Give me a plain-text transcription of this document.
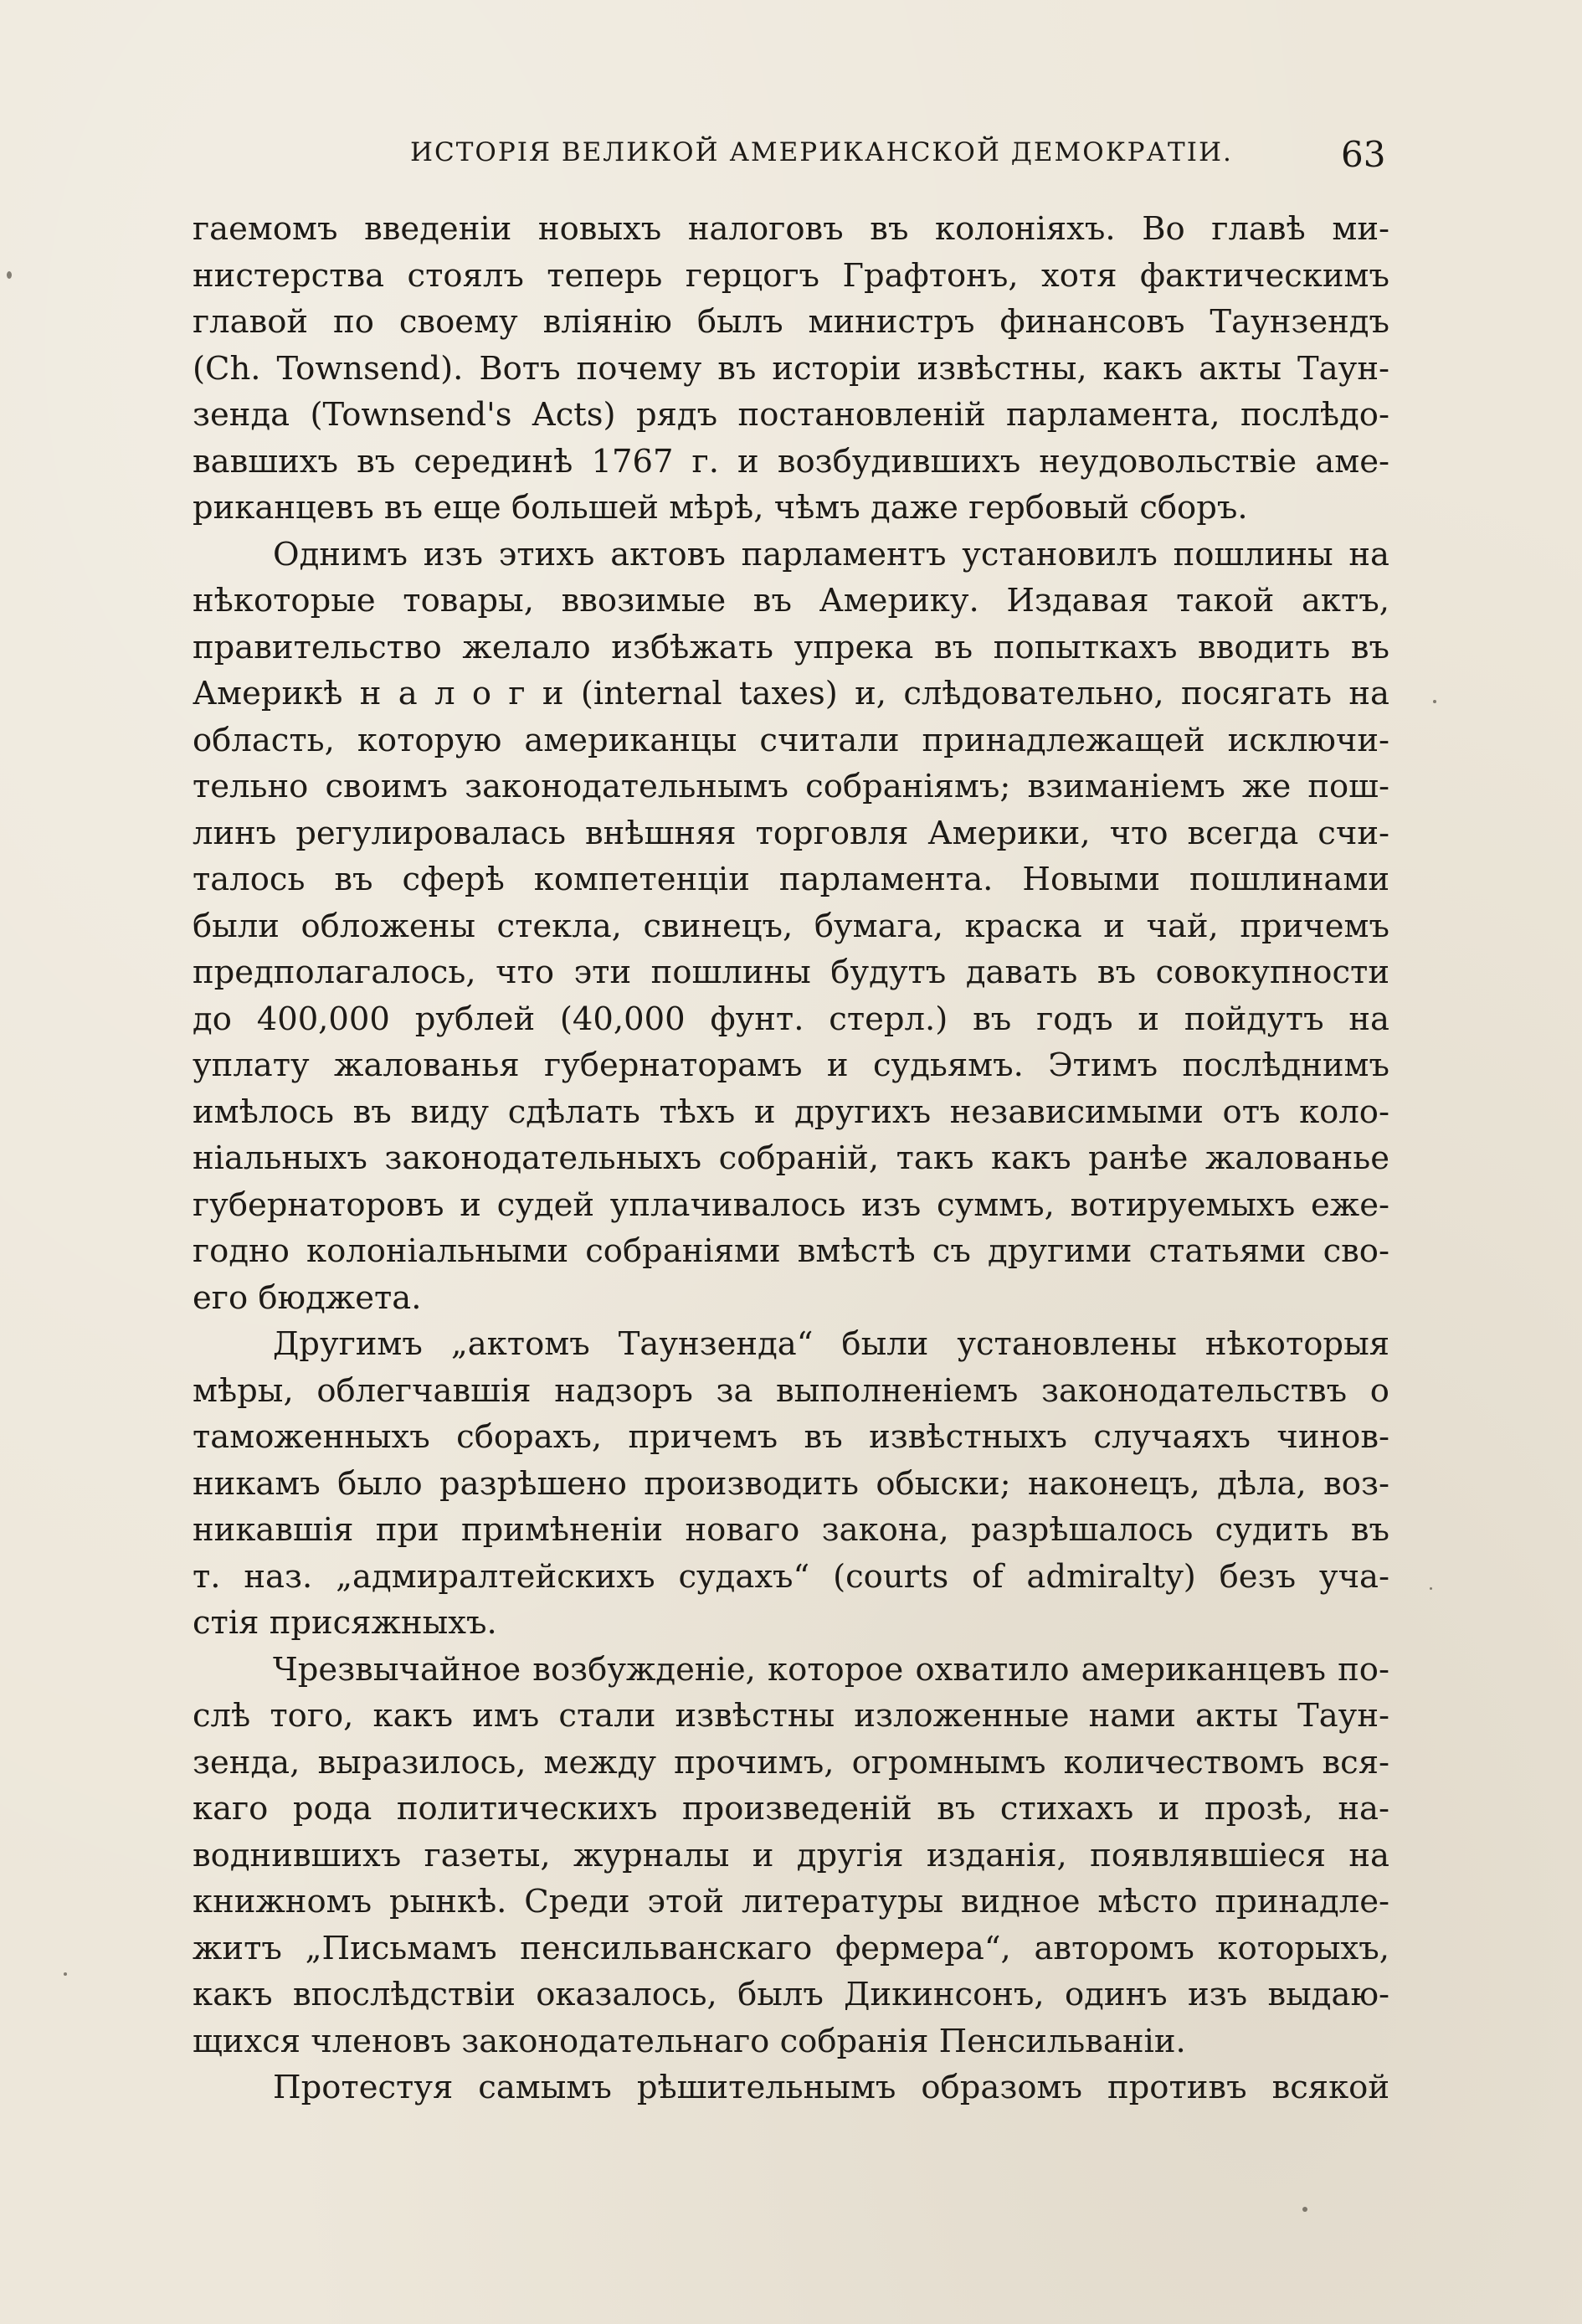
ИСТОРІЯ ВЕЛИКОЙ АМЕРИКАНСКОЙ ДЕМОКРАТІИ.	63
гаемомъ введеніи новыхъ налоговъ въ колоніяхъ. Во главѣ ми-
нистерства стоялъ теперь герцогъ Графтонъ, хотя фактическимъ
главой по своему вліянію былъ министръ финансовъ Таунзендъ
(Ch. Townsend). Вотъ почему въ исторіи извѣстны, какъ акты Таун-
зенда (Townsend's Acts) рядъ постановленій парламента, послѣдо-
вавшихъ въ серединѣ 1767 г. и возбудившихъ неудовольствіе аме-
риканцевъ въ еще большей мѣрѣ, чѣмъ даже гербовый сборъ.
Однимъ изъ этихъ актовъ парламентъ установилъ пошлины на
нѣкоторые товары, ввозимые въ Америку. Издавая такой актъ,
правительство желало избѣжать упрека въ попыткахъ вводить въ
Америкѣ н а л о г и (internal taxes) и, слѣдовательно, посягать на
область, которую американцы считали принадлежащей исключи-
тельно своимъ законодательнымъ собраніямъ; взиманіемъ же пош-
линъ регулировалась внѣшняя торговля Америки, что всегда счи-
талось въ сферѣ компетенціи парламента. Новыми пошлинами
были обложены стекла, свинецъ, бумага, краска и чай, причемъ
предполагалось, что эти пошлины будутъ давать въ совокупности
до 400,000 рублей (40,000 фунт. стерл.) въ годъ и пойдутъ на
уплату жалованья губернаторамъ и судьямъ. Этимъ послѣднимъ
имѣлось въ виду сдѣлать тѣхъ и другихъ независимыми отъ коло-
ніальныхъ законодательныхъ собраній, такъ какъ ранѣе жалованье
губернаторовъ и судей уплачивалось изъ суммъ, вотируемыхъ еже-
годно колоніальными собраніями вмѣстѣ съ другими статьями сво-
его бюджета.
Другимъ „актомъ Таунзенда“ были установлены нѣкоторыя
мѣры, облегчавшія надзоръ за выполненіемъ законодательствъ о
таможенныхъ сборахъ, причемъ въ извѣстныхъ случаяхъ чинов-
никамъ было разрѣшено производить обыски; наконецъ, дѣла, воз-
никавшія при примѣненіи новаго закона, разрѣшалось судить въ
т. наз. „адмиралтейскихъ судахъ“ (courts of admiralty) безъ уча-
стія присяжныхъ.
Чрезвычайное возбужденіе, которое охватило американцевъ по-
слѣ того, какъ имъ стали извѣстны изложенные нами акты Таун-
зенда, выразилось, между прочимъ, огромнымъ количествомъ вся-
каго рода политическихъ произведеній въ стихахъ и прозѣ, на-
воднившихъ газеты, журналы и другія изданія, появлявшіеся на
книжномъ рынкѣ. Среди этой литературы видное мѣсто принадле-
житъ „Письмамъ пенсильванскаго фермера“, авторомъ которыхъ,
какъ впослѣдствіи оказалось, былъ Дикинсонъ, одинъ изъ выдаю-
щихся членовъ законодательнаго собранія Пенсильваніи.
Протестуя самымъ рѣшительнымъ образомъ противъ всякой
